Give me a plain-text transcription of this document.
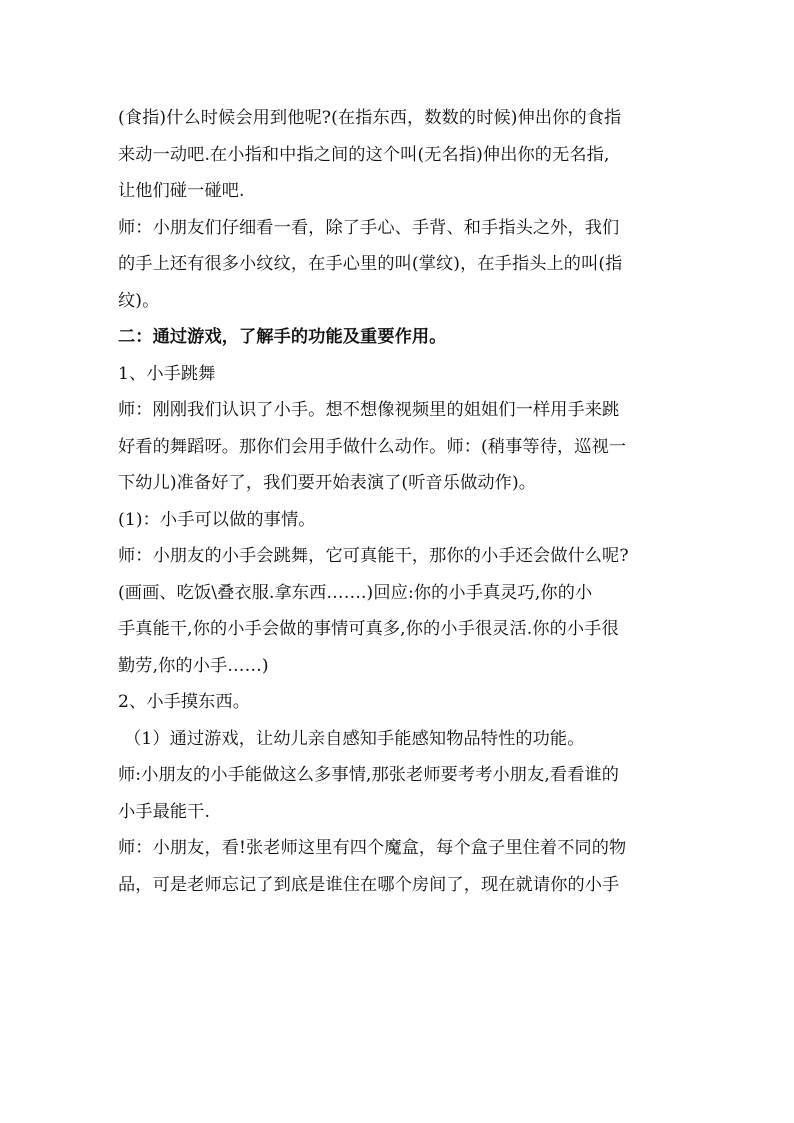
(食指)什么时候会用到他呢?(在指东西，数数的时候)伸出你的食指
来动一动吧.在小指和中指之间的这个叫(无名指)伸出你的无名指,
让他们碰一碰吧.
师：小朋友们仔细看一看，除了手心、手背、和手指头之外，我们
的手上还有很多小纹纹，在手心里的叫(掌纹)，在手指头上的叫(指
纹)。
二：通过游戏，了解手的功能及重要作用。
1、小手跳舞
师：刚刚我们认识了小手。想不想像视频里的姐姐们一样用手来跳
好看的舞蹈呀。那你们会用手做什么动作。师：(稍事等待，巡视一
下幼儿)准备好了，我们要开始表演了(听音乐做动作)。
(1)：小手可以做的事情。
师：小朋友的小手会跳舞，它可真能干，那你的小手还会做什么呢?
(画画、吃饭\叠衣服.拿东西…….)回应:你的小手真灵巧,你的小
手真能干,你的小手会做的事情可真多,你的小手很灵活.你的小手很
勤劳,你的小手……)
2、小手摸东西。
（1）通过游戏，让幼儿亲自感知手能感知物品特性的功能。
师:小朋友的小手能做这么多事情,那张老师要考考小朋友,看看谁的
小手最能干.
师：小朋友，看!张老师这里有四个魔盒，每个盒子里住着不同的物
品，可是老师忘记了到底是谁住在哪个房间了，现在就请你的小手
